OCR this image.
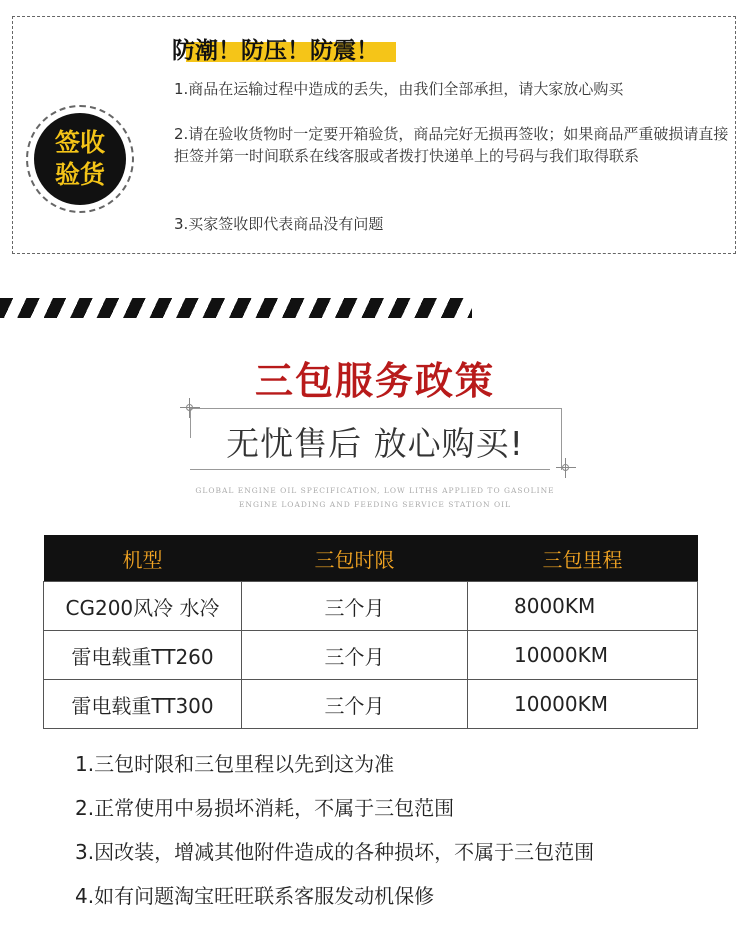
签收
验货
防潮！防压！防震！
1.商品在运输过程中造成的丢失，由我们全部承担，请大家放心购买
2.请在验收货物时一定要开箱验货，商品完好无损再签收；如果商品严重破损请直接拒签并第一时间联系在线客服或者拨打快递单上的号码与我们取得联系
3.买家签收即代表商品没有问题
三包服务政策
无忧售后 放心购买!
GLOBAL ENGINE OIL SPECIFICATION, LOW LITHS APPLIED TO GASOLINE
ENGINE LOADING AND FEEDING SERVICE STATION OIL
机型	三包时限	三包里程
CG200风冷 水冷	三个月	8000KM
雷电载重TT260	三个月	10000KM
雷电载重TT300	三个月	10000KM
1.三包时限和三包里程以先到这为准
2.正常使用中易损坏消耗，不属于三包范围
3.因改装，增减其他附件造成的各种损坏，不属于三包范围
4.如有问题淘宝旺旺联系客服发动机保修
